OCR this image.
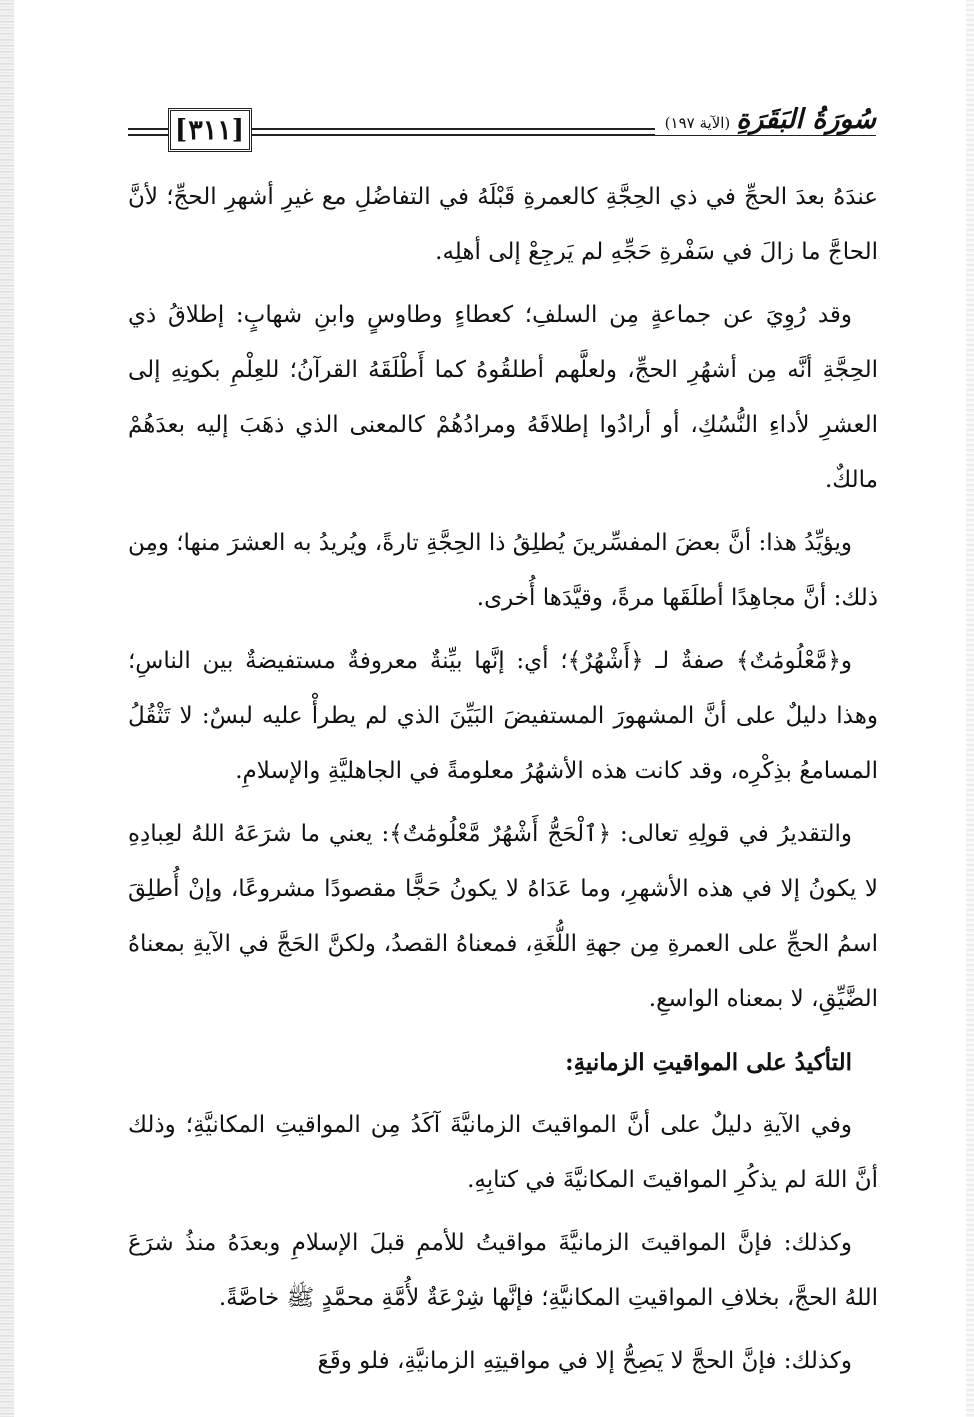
[ ٣١١ ]	سُورَةُ البَقَرَةِ
(الآية ١٩٧)

عندَهُ بعدَ الحجِّ في ذي الحِجَّةِ كالعمرةِ قَبْلَهُ في التفاضُلِ مع غيرِ أشهرِ الحجِّ؛ لأنَّ الحاجَّ ما زالَ في سَفْرةِ حَجِّهِ لم يَرجِعْ إلى أهلِه.

وقد رُوِيَ عن جماعةٍ مِن السلفِ؛ كعطاءٍ وطاوسٍ وابنِ شهابٍ: إطلاقُ ذي الحِجَّةِ أنَّه مِن أشهُرِ الحجِّ، ولعلَّهم أطلقُوهُ كما أَطْلَقَهُ القرآنُ؛ للعِلْمِ بكونِهِ إلى العشرِ لأداءِ النُّسُكِ، أو أرادُوا إطلاقَهُ ومرادُهُمْ كالمعنى الذي ذهَبَ إليه بعدَهُمْ مالكٌ.

ويؤيِّدُ هذا: أنَّ بعضَ المفسِّرينَ يُطلِقُ ذا الحِجَّةِ تارةً، ويُريدُ به العشرَ منها؛ ومِن ذلك: أنَّ مجاهِدًا أطلَقَها مرةً، وقيَّدَها أُخرى.

و﴿مَّعْلُومَٰتٌ﴾ صفةٌ لـ ﴿أَشْهُرٌ﴾؛ أي: إنَّها بيِّنةٌ معروفةٌ مستفيضةٌ بين الناسِ؛ وهذا دليلٌ على أنَّ المشهورَ المستفيضَ البَيِّنَ الذي لم يطرأْ عليه لبسٌ: لا تَثْقُلُ المسامعُ بذِكْرِه، وقد كانت هذه الأشهُرُ معلومةً في الجاهليَّةِ والإسلامِ.

والتقديرُ في قولِهِ تعالى: ﴿ٱلْحَجُّ أَشْهُرٌ مَّعْلُومَٰتٌ﴾: يعني ما شرَعَهُ اللهُ لعِبادِهِ لا يكونُ إلا في هذه الأشهرِ، وما عَدَاهُ لا يكونُ حَجًّا مقصودًا مشروعًا، وإنْ أُطلِقَ اسمُ الحجِّ على العمرةِ مِن جهةِ اللُّغَةِ، فمعناهُ القصدُ، ولكنَّ الحَجَّ في الآيةِ بمعناهُ الضَّيِّقِ، لا بمعناه الواسعِ.

التأكيدُ على المواقيتِ الزمانيةِ:

وفي الآيةِ دليلٌ على أنَّ المواقيتَ الزمانيَّةَ آكَدُ مِن المواقيتِ المكانيَّةِ؛ وذلك أنَّ اللهَ لم يذكُرِ المواقيتَ المكانيَّةَ في كتابِهِ.

وكذلك: فإنَّ المواقيتَ الزمانيَّةَ مواقيتُ للأممِ قبلَ الإسلامِ وبعدَهُ منذُ شرَعَ اللهُ الحجَّ، بخلافِ المواقيتِ المكانيَّةِ؛ فإنَّها شِرْعَةٌ لأُمَّةِ محمَّدٍ ﷺ خاصَّةً.

وكذلك: فإنَّ الحجَّ لا يَصِحُّ إلا في مواقيتِهِ الزمانيَّةِ، فلو وقَعَ
